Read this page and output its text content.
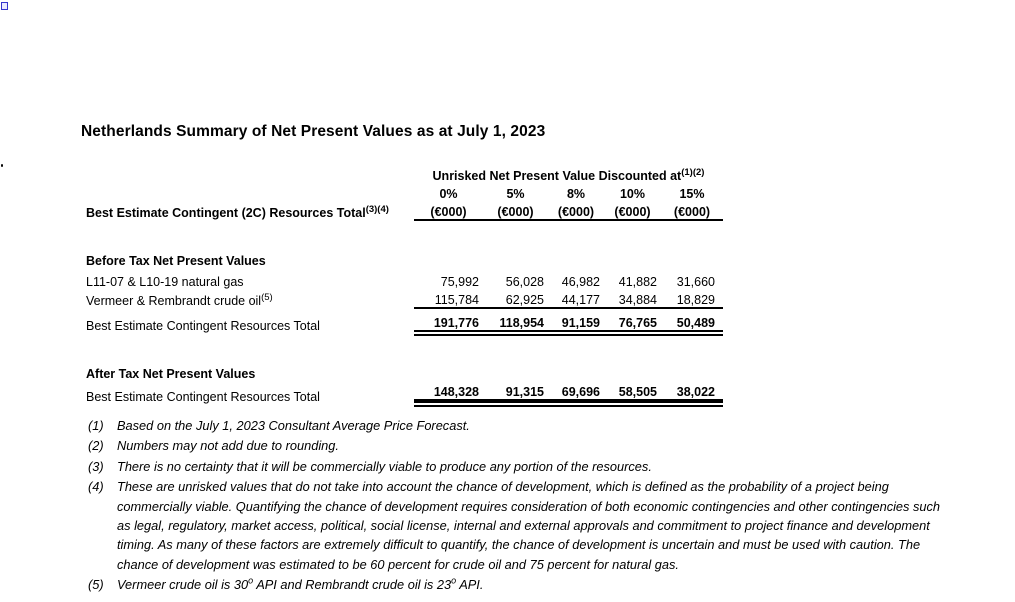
Netherlands Summary of Net Present Values as at July 1, 2023
	Unrisked Net Present Value Discounted $at^{(1)(2)}$
	0%	5%	8%	10%	15%
Best Estimate Contingent (2C) Resources Total$^{(3)(4)}$	(€000)	(€000)	(€000)	(€000)	(€000)

Before Tax Net Present Values					
L11-07 & L10-19 natural gas	75,992	56,028	46,982	41,882	31,660

Vermeer & Rembrandt crude oil$^{(5)}$	115,784	62,925	44,177	34,884	18,829

Best Estimate Contingent Resources Total	191,776	118,954	91,159	76,765	50,489

After Tax Net Present Values					
Best Estimate Contingent Resources Total	148,328	91,315	69,696	58,505	38,022
(1)	Based on the July 1, 2023 Consultant Average Price Forecast.
(2)	Numbers may not add due to rounding.
(3)	There is no certainty that it will be commercially viable to produce any portion of the resources.
(4)	These are unrisked values that do not take into account the chance of development, which is defined as the probability of a project being
commercially viable. Quantifying the chance of development requires consideration of both economic contingencies and other contingencies such
as legal, regulatory, market access, political, social license, internal and external approvals and commitment to project finance and development
timing. As many of these factors are extremely difficult to quantify, the chance of development is uncertain and must be used with caution. The
chance of development was estimated to be 60 percent for crude oil and 75 percent for natural gas.
(5)	Vermeer crude oil is 30$^o$ API and Rembrandt crude oil is 23$^o$ API.
